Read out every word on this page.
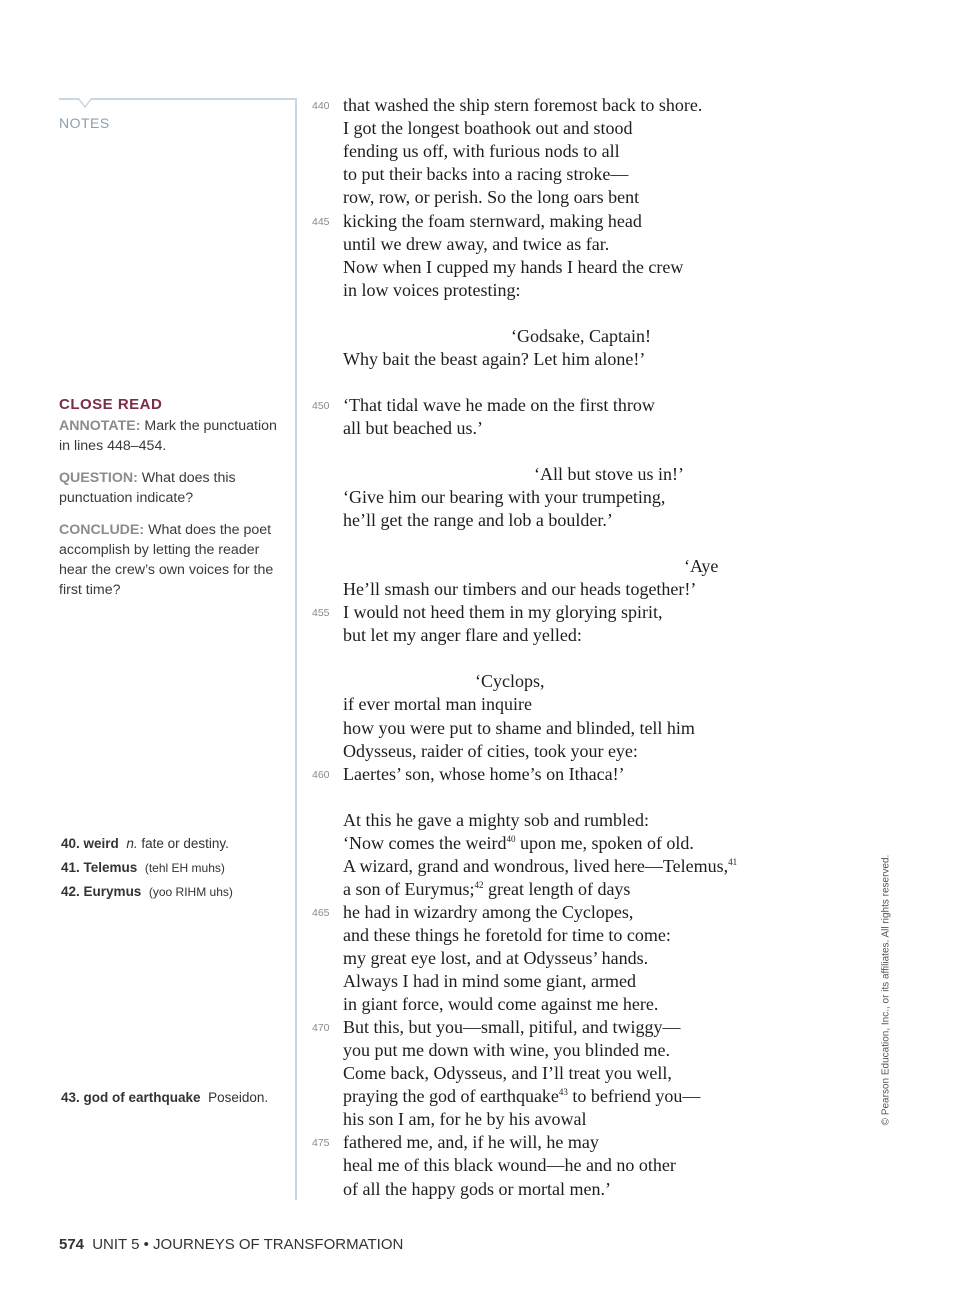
NOTES
CLOSE READ
ANNOTATE: Mark the punctuation in lines 448–454.
QUESTION: What does this punctuation indicate?
CONCLUDE: What does the poet accomplish by letting the reader hear the crew’s own voices for the first time?
40. weird n. fate or destiny.
41. Telemus (tehl EH muhs)
42. Eurymus (yoo RIHM uhs)
43. god of earthquake Poseidon.
440
445
450
455
460
465
470
475
that washed the ship stern foremost back to shore.
I got the longest boathook out and stood
fending us off, with furious nods to all
to put their backs into a racing stroke—
row, row, or perish. So the long oars bent
kicking the foam sternward, making head
until we drew away, and twice as far.
Now when I cupped my hands I heard the crew
in low voices protesting:
‘Godsake, Captain!
Why bait the beast again? Let him alone!’
‘That tidal wave he made on the first throw
all but beached us.’
‘All but stove us in!’
‘Give him our bearing with your trumpeting,
he’ll get the range and lob a boulder.’
‘Aye
He’ll smash our timbers and our heads together!’
I would not heed them in my glorying spirit,
but let my anger flare and yelled:
‘Cyclops,
if ever mortal man inquire
how you were put to shame and blinded, tell him
Odysseus, raider of cities, took your eye:
Laertes’ son, whose home’s on Ithaca!’
At this he gave a mighty sob and rumbled:
‘Now comes the weird$^{40}$ upon me, spoken of old.
A wizard, grand and wondrous, lived here—Telemus,$^{41}$
a son of Eurymus;$^{42}$ great length of days
he had in wizardry among the Cyclopes,
and these things he foretold for time to come:
my great eye lost, and at Odysseus’ hands.
Always I had in mind some giant, armed
in giant force, would come against me here.
But this, but you—small, pitiful, and twiggy—
you put me down with wine, you blinded me.
Come back, Odysseus, and I’ll treat you well,
praying the god of earthquake$^{43}$ to befriend you—
his son I am, for he by his avowal
fathered me, and, if he will, he may
heal me of this black wound—he and no other
of all the happy gods or mortal men.’
574 UNIT 5 • JOURNEYS OF TRANSFORMATION
© Pearson Education, Inc., or its affiliates. All rights reserved.
